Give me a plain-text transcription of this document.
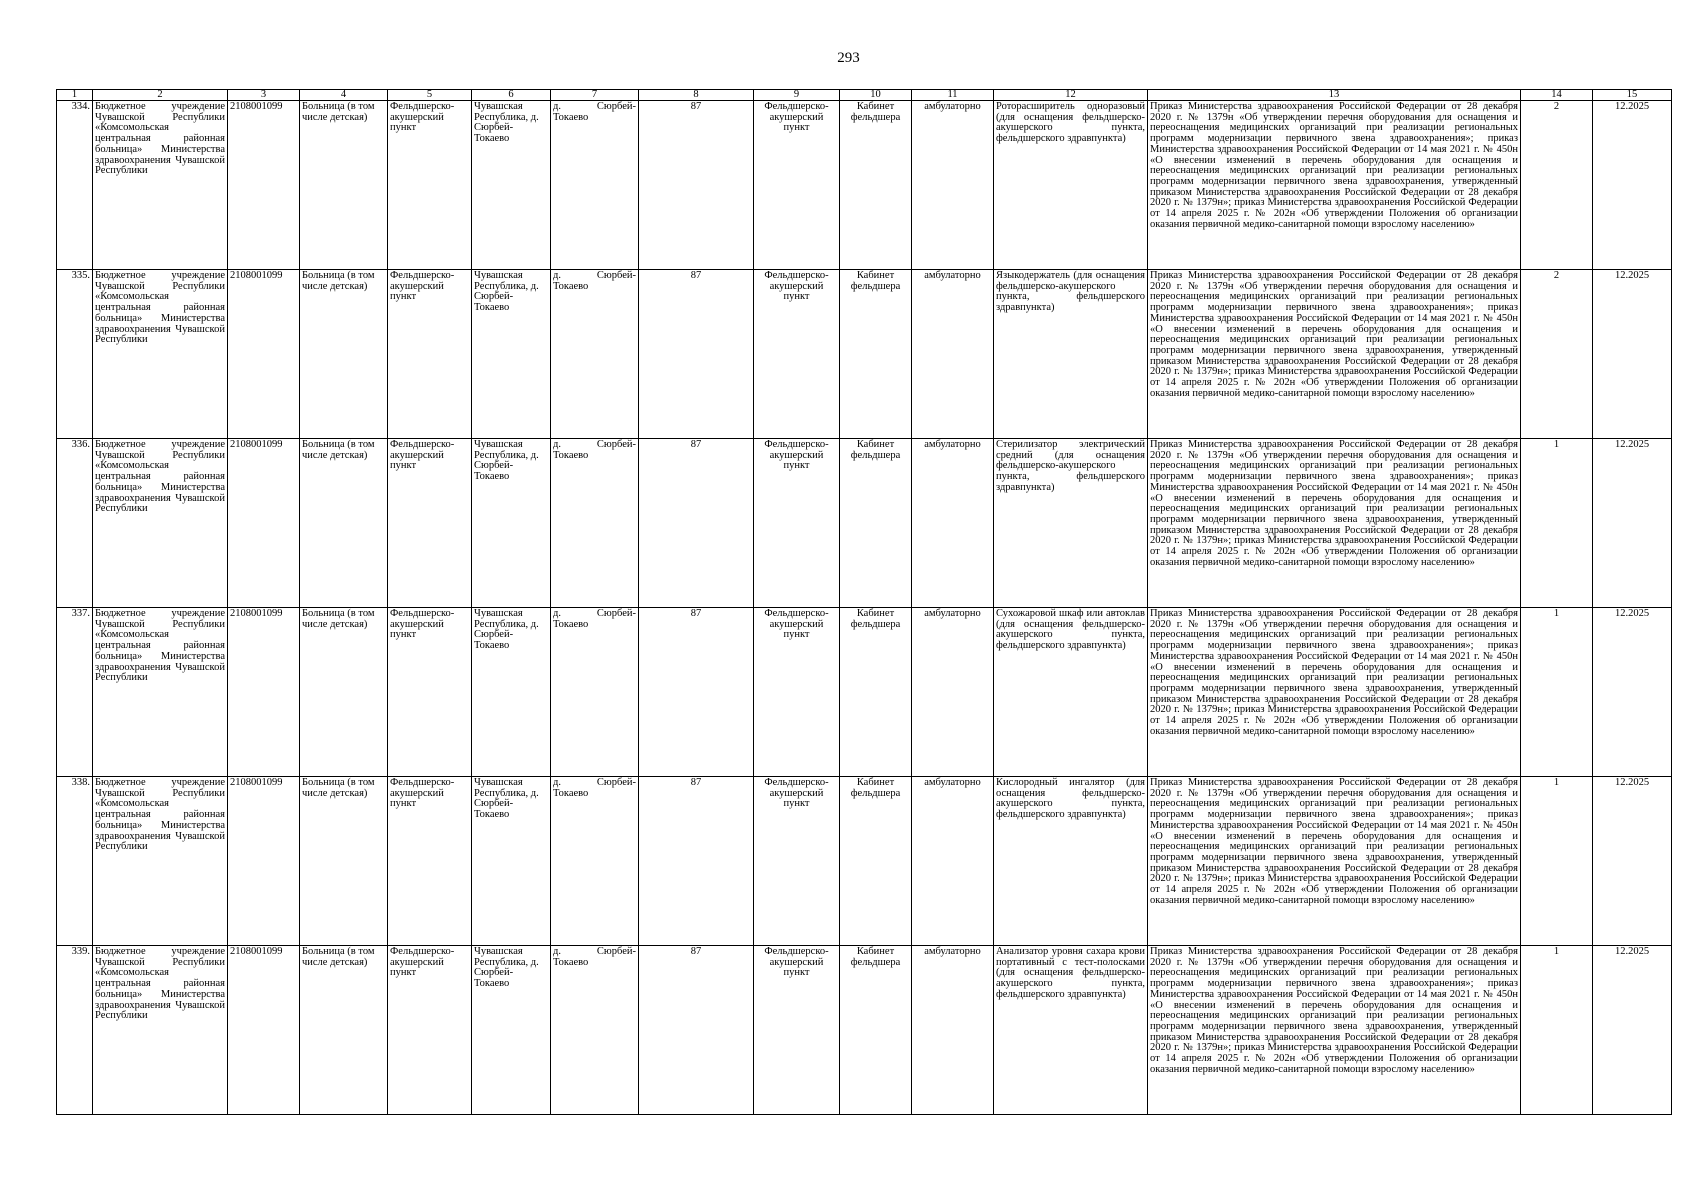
293
1	2	3	4	5	6	7	8	9	10	11	12	13	14	15
334.	Бюджетное учреждение Чувашской Республики «Комсомольская центральная районная больница» Министерства здравоохранения Чувашской Республики	2108001099	Больница (в том числе детская)	Фельдшерско-акушерский пункт	Чувашская Республика, д. Сюрбей-Токаево	д. Сюрбей-Токаево	87	Фельдшерско-акушерский пункт	Кабинет фельдшера	амбулаторно	Роторасширитель одноразовый (для оснащения фельдшерско-акушерского пункта, фельдшерского здравпункта)	Приказ Министерства здравоохранения Российской Федерации от 28 декабря 2020 г. № 1379н «Об утверждении перечня оборудования для оснащения и переоснащения медицинских организаций при реализации региональных программ модернизации первичного звена здравоохранения»; приказ Министерства здравоохранения Российской Федерации от 14 мая 2021 г. № 450н «О внесении изменений в перечень оборудования для оснащения и переоснащения медицинских организаций при реализации региональных программ модернизации первичного звена здравоохранения, утвержденный приказом Министерства здравоохранения Российской Федерации от 28 декабря 2020 г. № 1379н»; приказ Министерства здравоохранения Российской Федерации от 14 апреля 2025 г. № 202н «Об утверждении Положения об организации оказания первичной медико-санитарной помощи взрослому населению»	2	12.2025
335.	Бюджетное учреждение Чувашской Республики «Комсомольская центральная районная больница» Министерства здравоохранения Чувашской Республики	2108001099	Больница (в том числе детская)	Фельдшерско-акушерский пункт	Чувашская Республика, д. Сюрбей-Токаево	д. Сюрбей-Токаево	87	Фельдшерско-акушерский пункт	Кабинет фельдшера	амбулаторно	Языкодержатель (для оснащения фельдшерско-акушерского пункта, фельдшерского здравпункта)	Приказ Министерства здравоохранения Российской Федерации от 28 декабря 2020 г. № 1379н «Об утверждении перечня оборудования для оснащения и переоснащения медицинских организаций при реализации региональных программ модернизации первичного звена здравоохранения»; приказ Министерства здравоохранения Российской Федерации от 14 мая 2021 г. № 450н «О внесении изменений в перечень оборудования для оснащения и переоснащения медицинских организаций при реализации региональных программ модернизации первичного звена здравоохранения, утвержденный приказом Министерства здравоохранения Российской Федерации от 28 декабря 2020 г. № 1379н»; приказ Министерства здравоохранения Российской Федерации от 14 апреля 2025 г. № 202н «Об утверждении Положения об организации оказания первичной медико-санитарной помощи взрослому населению»	2	12.2025
336.	Бюджетное учреждение Чувашской Республики «Комсомольская центральная районная больница» Министерства здравоохранения Чувашской Республики	2108001099	Больница (в том числе детская)	Фельдшерско-акушерский пункт	Чувашская Республика, д. Сюрбей-Токаево	д. Сюрбей-Токаево	87	Фельдшерско-акушерский пункт	Кабинет фельдшера	амбулаторно	Стерилизатор электрический средний (для оснащения фельдшерско-акушерского пункта, фельдшерского здравпункта)	Приказ Министерства здравоохранения Российской Федерации от 28 декабря 2020 г. № 1379н «Об утверждении перечня оборудования для оснащения и переоснащения медицинских организаций при реализации региональных программ модернизации первичного звена здравоохранения»; приказ Министерства здравоохранения Российской Федерации от 14 мая 2021 г. № 450н «О внесении изменений в перечень оборудования для оснащения и переоснащения медицинских организаций при реализации региональных программ модернизации первичного звена здравоохранения, утвержденный приказом Министерства здравоохранения Российской Федерации от 28 декабря 2020 г. № 1379н»; приказ Министерства здравоохранения Российской Федерации от 14 апреля 2025 г. № 202н «Об утверждении Положения об организации оказания первичной медико-санитарной помощи взрослому населению»	1	12.2025
337.	Бюджетное учреждение Чувашской Республики «Комсомольская центральная районная больница» Министерства здравоохранения Чувашской Республики	2108001099	Больница (в том числе детская)	Фельдшерско-акушерский пункт	Чувашская Республика, д. Сюрбей-Токаево	д. Сюрбей-Токаево	87	Фельдшерско-акушерский пункт	Кабинет фельдшера	амбулаторно	Сухожаровой шкаф или автоклав (для оснащения фельдшерско-акушерского пункта, фельдшерского здравпункта)	Приказ Министерства здравоохранения Российской Федерации от 28 декабря 2020 г. № 1379н «Об утверждении перечня оборудования для оснащения и переоснащения медицинских организаций при реализации региональных программ модернизации первичного звена здравоохранения»; приказ Министерства здравоохранения Российской Федерации от 14 мая 2021 г. № 450н «О внесении изменений в перечень оборудования для оснащения и переоснащения медицинских организаций при реализации региональных программ модернизации первичного звена здравоохранения, утвержденный приказом Министерства здравоохранения Российской Федерации от 28 декабря 2020 г. № 1379н»; приказ Министерства здравоохранения Российской Федерации от 14 апреля 2025 г. № 202н «Об утверждении Положения об организации оказания первичной медико-санитарной помощи взрослому населению»	1	12.2025
338.	Бюджетное учреждение Чувашской Республики «Комсомольская центральная районная больница» Министерства здравоохранения Чувашской Республики	2108001099	Больница (в том числе детская)	Фельдшерско-акушерский пункт	Чувашская Республика, д. Сюрбей-Токаево	д. Сюрбей-Токаево	87	Фельдшерско-акушерский пункт	Кабинет фельдшера	амбулаторно	Кислородный ингалятор (для оснащения фельдшерско-акушерского пункта, фельдшерского здравпункта)	Приказ Министерства здравоохранения Российской Федерации от 28 декабря 2020 г. № 1379н «Об утверждении перечня оборудования для оснащения и переоснащения медицинских организаций при реализации региональных программ модернизации первичного звена здравоохранения»; приказ Министерства здравоохранения Российской Федерации от 14 мая 2021 г. № 450н «О внесении изменений в перечень оборудования для оснащения и переоснащения медицинских организаций при реализации региональных программ модернизации первичного звена здравоохранения, утвержденный приказом Министерства здравоохранения Российской Федерации от 28 декабря 2020 г. № 1379н»; приказ Министерства здравоохранения Российской Федерации от 14 апреля 2025 г. № 202н «Об утверждении Положения об организации оказания первичной медико-санитарной помощи взрослому населению»	1	12.2025
339.	Бюджетное учреждение Чувашской Республики «Комсомольская центральная районная больница» Министерства здравоохранения Чувашской Республики	2108001099	Больница (в том числе детская)	Фельдшерско-акушерский пункт	Чувашская Республика, д. Сюрбей-Токаево	д. Сюрбей-Токаево	87	Фельдшерско-акушерский пункт	Кабинет фельдшера	амбулаторно	Анализатор уровня сахара крови портативный с тест-полосками (для оснащения фельдшерско-акушерского пункта, фельдшерского здравпункта)	Приказ Министерства здравоохранения Российской Федерации от 28 декабря 2020 г. № 1379н «Об утверждении перечня оборудования для оснащения и переоснащения медицинских организаций при реализации региональных программ модернизации первичного звена здравоохранения»; приказ Министерства здравоохранения Российской Федерации от 14 мая 2021 г. № 450н «О внесении изменений в перечень оборудования для оснащения и переоснащения медицинских организаций при реализации региональных программ модернизации первичного звена здравоохранения, утвержденный приказом Министерства здравоохранения Российской Федерации от 28 декабря 2020 г. № 1379н»; приказ Министерства здравоохранения Российской Федерации от 14 апреля 2025 г. № 202н «Об утверждении Положения об организации оказания первичной медико-санитарной помощи взрослому населению»	1	12.2025
